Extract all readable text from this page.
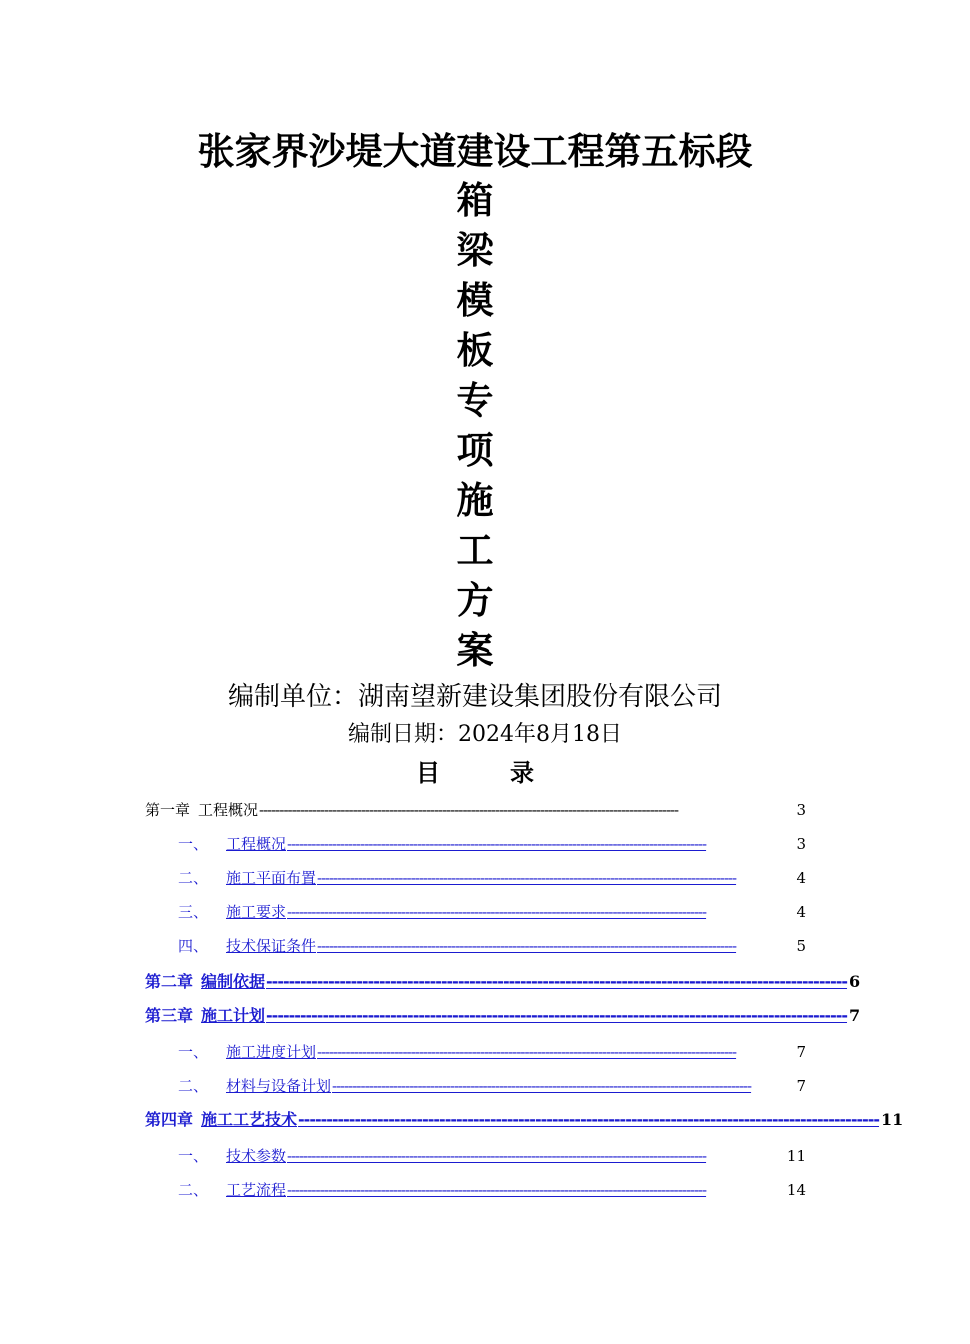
张家界沙堤大道建设工程第五标段
箱
梁
模
板
专
项
施
工
方
案
编制单位：湖南望新建设集团股份有限公司
编制日期：2024年8月18日
目	录
第一章 工程概况 -------------------------------------------------------------------------------------------------------	3
一、 工程概况 -------------------------------------------------------------------------------------------------------	3
二、 施工平面布置 -------------------------------------------------------------------------------------------------------	4
三、 施工要求 -------------------------------------------------------------------------------------------------------	4
四、 技术保证条件 -------------------------------------------------------------------------------------------------------	5
第二章 编制依据 ------------------------------------------------------------------------------------------------------- 6
第三章 施工计划 ------------------------------------------------------------------------------------------------------- 7
一、 施工进度计划 -------------------------------------------------------------------------------------------------------	7
二、 材料与设备计划 -------------------------------------------------------------------------------------------------------	7
第四章 施工工艺技术 ------------------------------------------------------------------------------------------------------- 11
一、 技术参数 -------------------------------------------------------------------------------------------------------	11
二、 工艺流程 -------------------------------------------------------------------------------------------------------	14
